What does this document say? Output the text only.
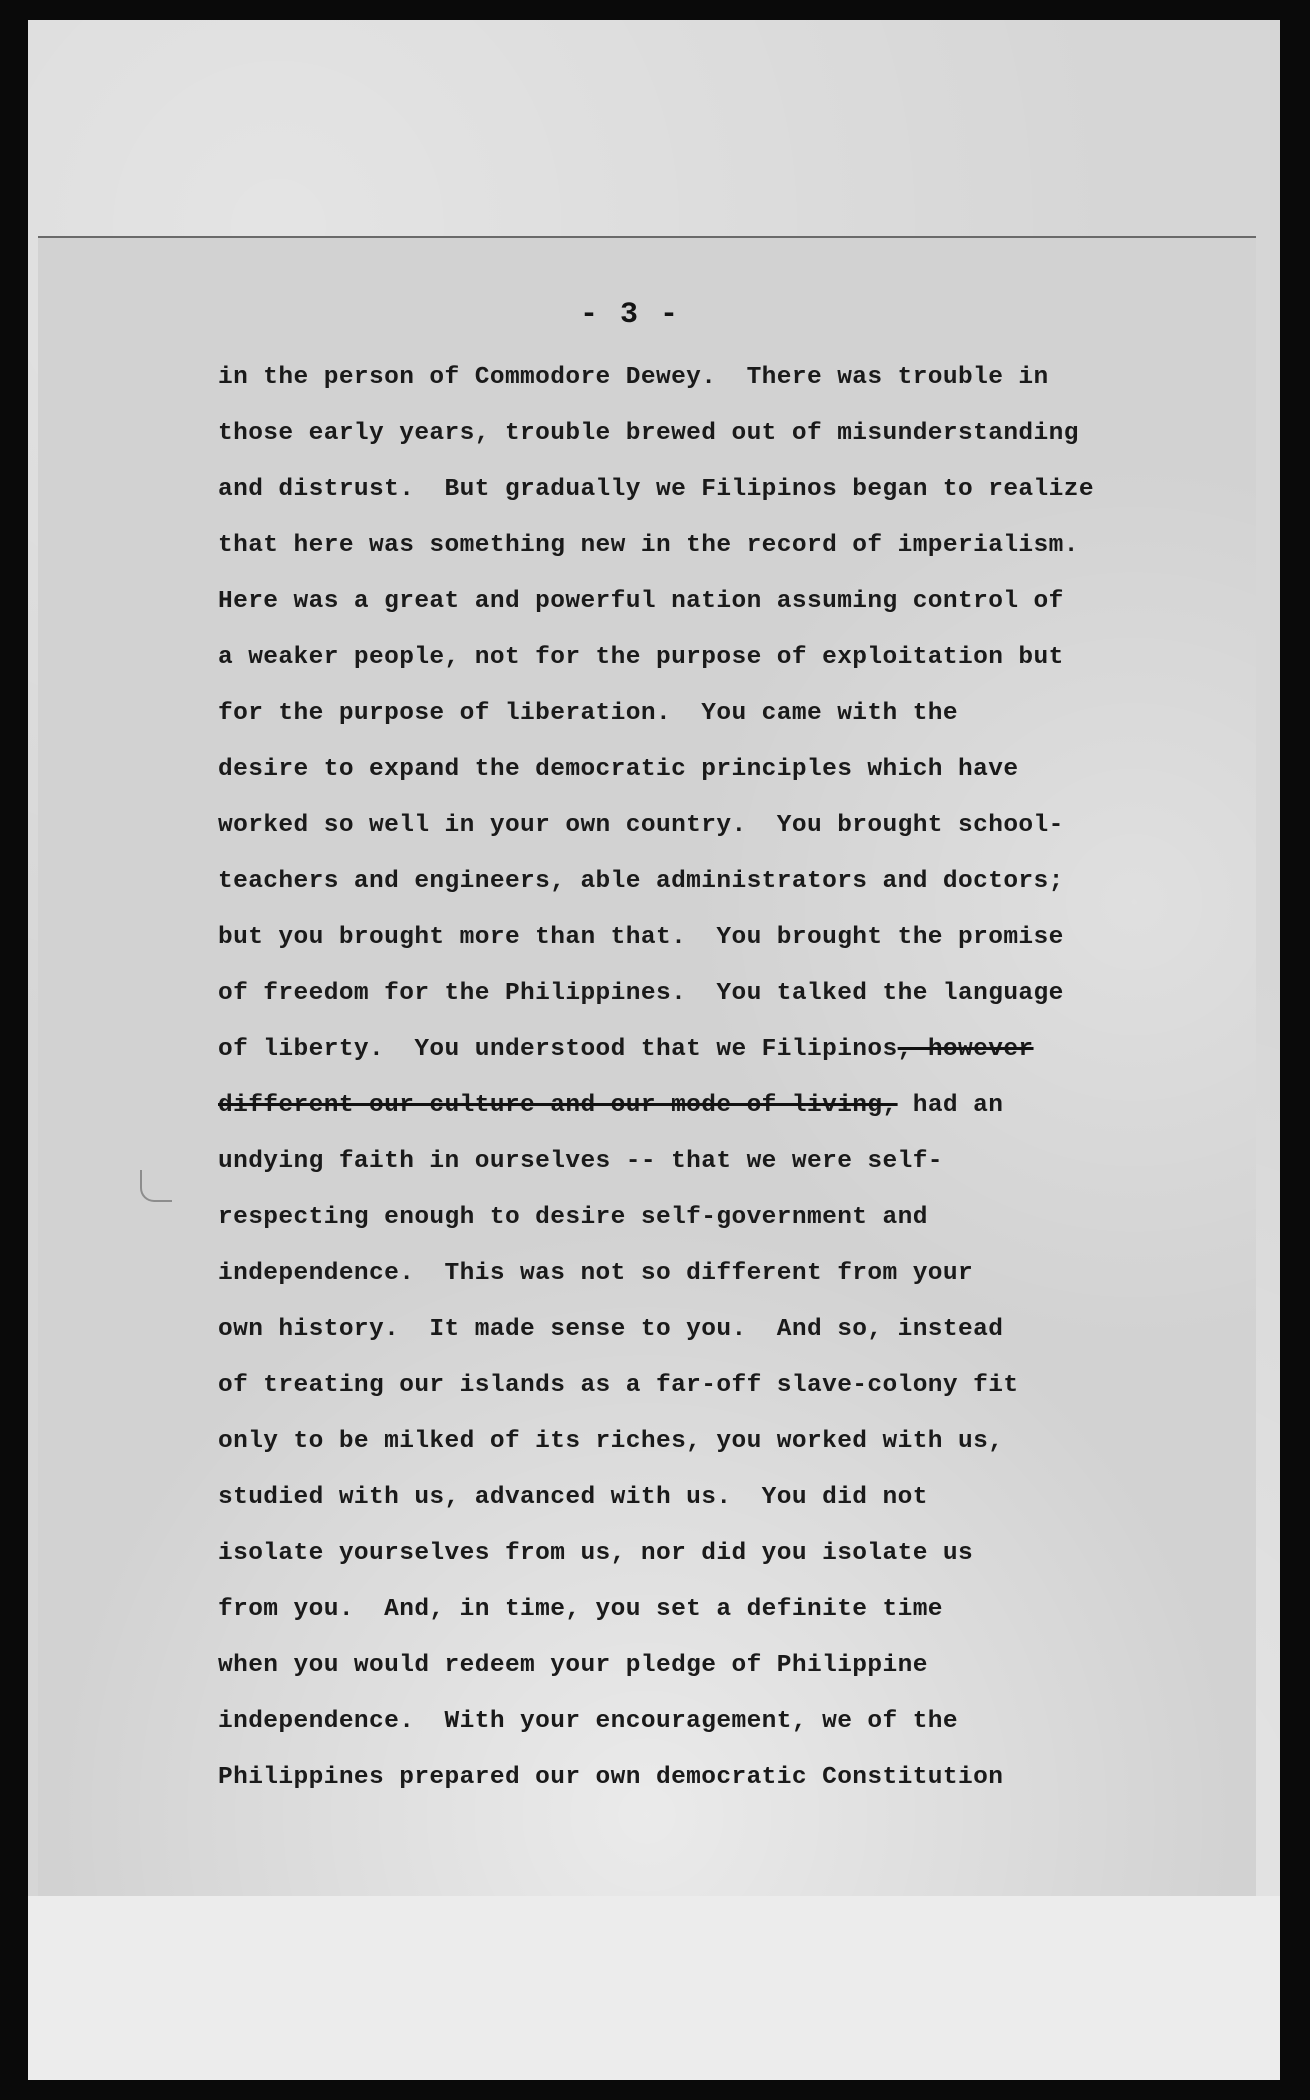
- 3 -
in the person of Commodore Dewey.  There was trouble in
those early years, trouble brewed out of misunderstanding
and distrust.  But gradually we Filipinos began to realize
that here was something new in the record of imperialism.
Here was a great and powerful nation assuming control of
a weaker people, not for the purpose of exploitation but
for the purpose of liberation.  You came with the
desire to expand the democratic principles which have
worked so well in your own country.  You brought school-
teachers and engineers, able administrators and doctors;
but you brought more than that.  You brought the promise
of freedom for the Philippines.  You talked the language
of liberty.  You understood that we Filipinos, however
different our culture and our mode of living, had an
undying faith in ourselves -- that we were self-
respecting enough to desire self-government and
independence.  This was not so different from your
own history.  It made sense to you.  And so, instead
of treating our islands as a far-off slave-colony fit
only to be milked of its riches, you worked with us,
studied with us, advanced with us.  You did not
isolate yourselves from us, nor did you isolate us
from you.  And, in time, you set a definite time
when you would redeem your pledge of Philippine
independence.  With your encouragement, we of the
Philippines prepared our own democratic Constitution
